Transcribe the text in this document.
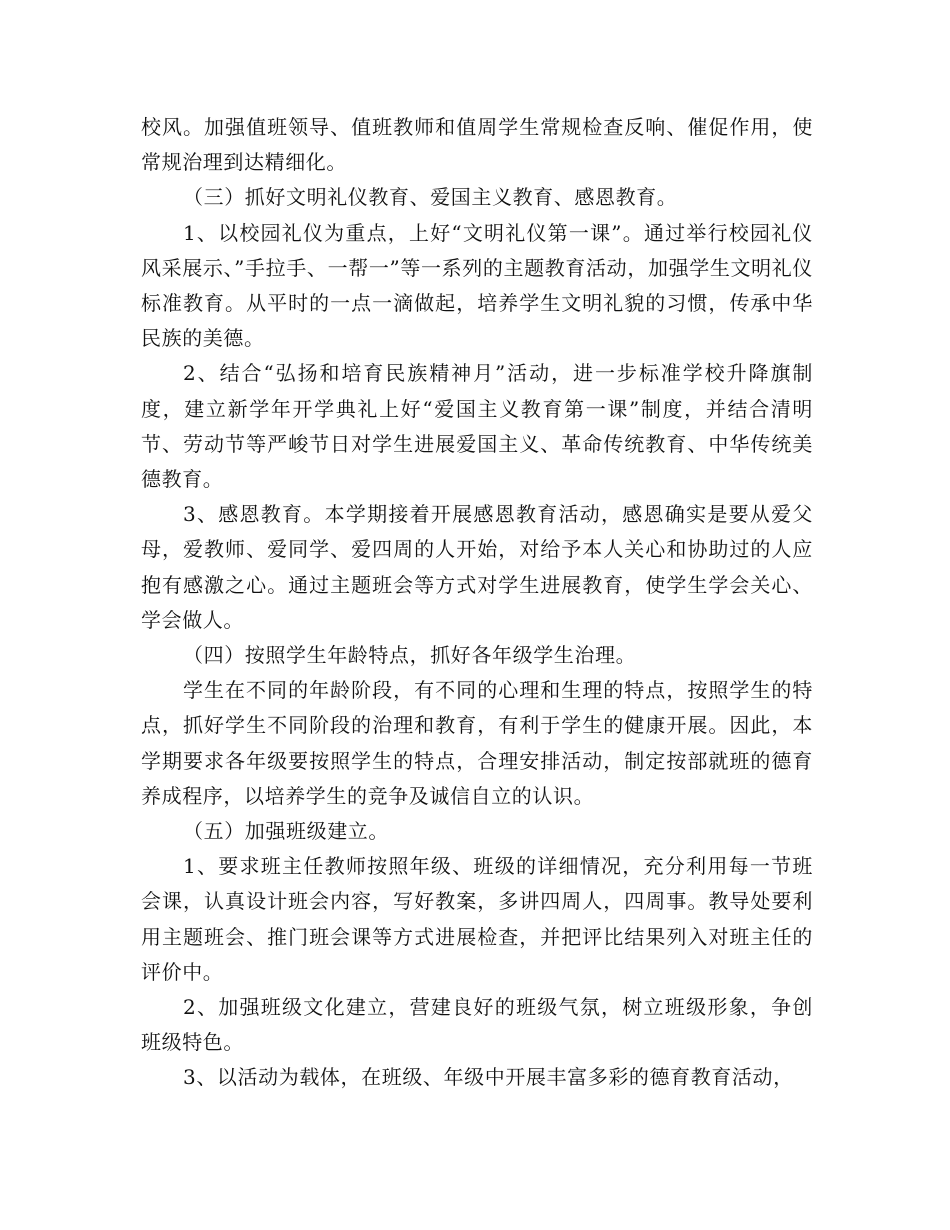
校风。加强值班领导、值班教师和值周学生常规检查反响、催促作用，使常规治理到达精细化。

（三）抓好文明礼仪教育、爱国主义教育、感恩教育。

1、以校园礼仪为重点，上好“文明礼仪第一课”。通过举行校园礼仪风采展示、”手拉手、一帮一”等一系列的主题教育活动，加强学生文明礼仪标准教育。从平时的一点一滴做起，培养学生文明礼貌的习惯，传承中华民族的美德。

2、结合“弘扬和培育民族精神月”活动，进一步标准学校升降旗制度，建立新学年开学典礼上好“爱国主义教育第一课”制度，并结合清明节、劳动节等严峻节日对学生进展爱国主义、革命传统教育、中华传统美德教育。

3、感恩教育。本学期接着开展感恩教育活动，感恩确实是要从爱父母，爱教师、爱同学、爱四周的人开始，对给予本人关心和协助过的人应抱有感激之心。通过主题班会等方式对学生进展教育，使学生学会关心、学会做人。

（四）按照学生年龄特点，抓好各年级学生治理。

学生在不同的年龄阶段，有不同的心理和生理的特点，按照学生的特点，抓好学生不同阶段的治理和教育，有利于学生的健康开展。因此，本学期要求各年级要按照学生的特点，合理安排活动，制定按部就班的德育养成程序，以培养学生的竞争及诚信自立的认识。

（五）加强班级建立。

1、要求班主任教师按照年级、班级的详细情况，充分利用每一节班会课，认真设计班会内容，写好教案，多讲四周人，四周事。教导处要利用主题班会、推门班会课等方式进展检查，并把评比结果列入对班主任的评价中。

2、加强班级文化建立，营建良好的班级气氛，树立班级形象，争创班级特色。

3、以活动为载体，在班级、年级中开展丰富多彩的德育教育活动，
